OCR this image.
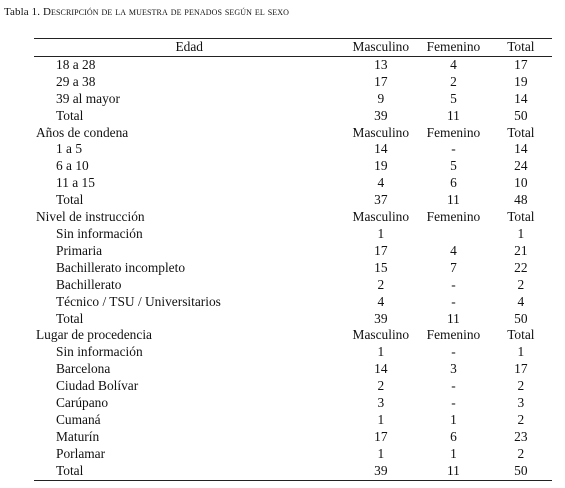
Tabla 1. Descripción de la muestra de penados según el sexo
Edad	Masculino	Femenino	Total
18 a 28	13	4	17
29 a 38	17	2	19
39 al mayor	9	5	14
Total	39	11	50
Años de condena	Masculino	Femenino	Total
1 a 5	14	-	14
6 a 10	19	5	24
11 a 15	4	6	10
Total	37	11	48
Nivel de instrucción	Masculino	Femenino	Total
Sin información	1		1
Primaria	17	4	21
Bachillerato incompleto	15	7	22
Bachillerato	2	-	2
Técnico / TSU / Universitarios	4	-	4
Total	39	11	50
Lugar de procedencia	Masculino	Femenino	Total
Sin información	1	-	1
Barcelona	14	3	17
Ciudad Bolívar	2	-	2
Carúpano	3	-	3
Cumaná	1	1	2
Maturín	17	6	23
Porlamar	1	1	2
Total	39	11	50
